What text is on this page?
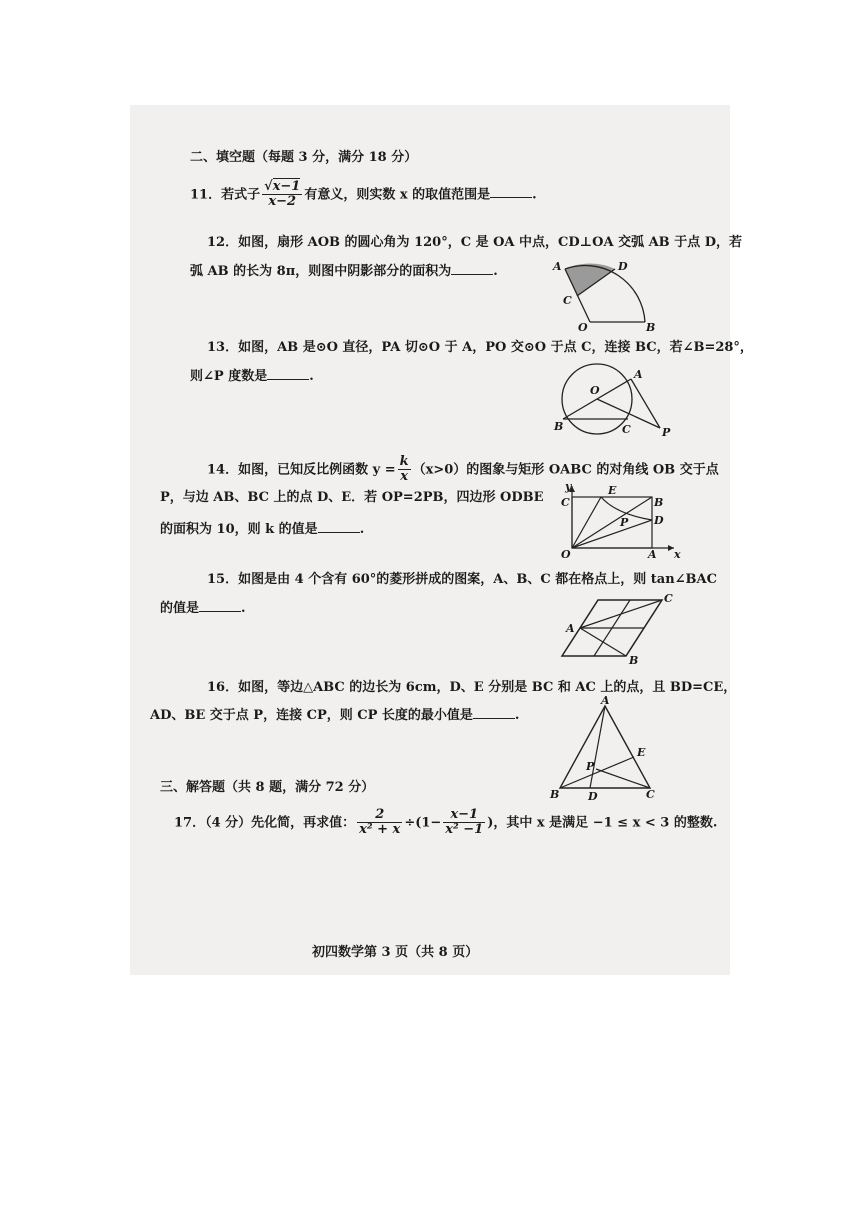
二、填空题（每题 3 分，满分 18 分）
11．若式子 $\frac{√x-1}{x-2}$ 有意义，则实数 x 的取值范围是	.
12．如图，扇形 AOB 的圆心角为 120°，C 是 OA 中点，CD⊥OA 交弧 AB 于点 D，若
弧 AB 的长为 8π，则图中阴影部分的面积为	.	A	D
C
O	B
13．如图，AB 是⊙O 直径，PA 切⊙O 于 A，PO 交⊙O 于点 C，连接 BC，若∠B=28°，
则∠P 度数是	.	A
O
B	C	P
14．如图，已知反比例函数 $y = \frac{k}{x} (x>0)$的图象与矩形 OABC 的对角线 OB 交于点
P，与边 AB、BC 上的点 D、E．若 OP=2PB，四边形 ODBE
的面积为 10，则 k 的值是	.
y
C
E
B
D
P
O	A x
15．如图是由 4 个含有 60°的菱形拼成的图案，A、B、C 都在格点上，则 tan∠BAC
的值是	.
C
A
B
16．如图，等边△ABC 的边长为 6cm，D、E 分别是 BC 和 AC 上的点，且 BD=CE，
AD、BE 交于点 P，连接 CP，则 CP 长度的最小值是	.
A
E
P
B	D	C
三、解答题（共 8 题，满分 72 分）
17．（4 分）先化简，再求值： $\frac{2}{\text{x² + x}} \div(1- \frac{x-1}{\text{x² −1}}$ )，其中 x 是满足 −1 ≤ x < 3 的整数.
初四数学第 3 页（共 8 页）
